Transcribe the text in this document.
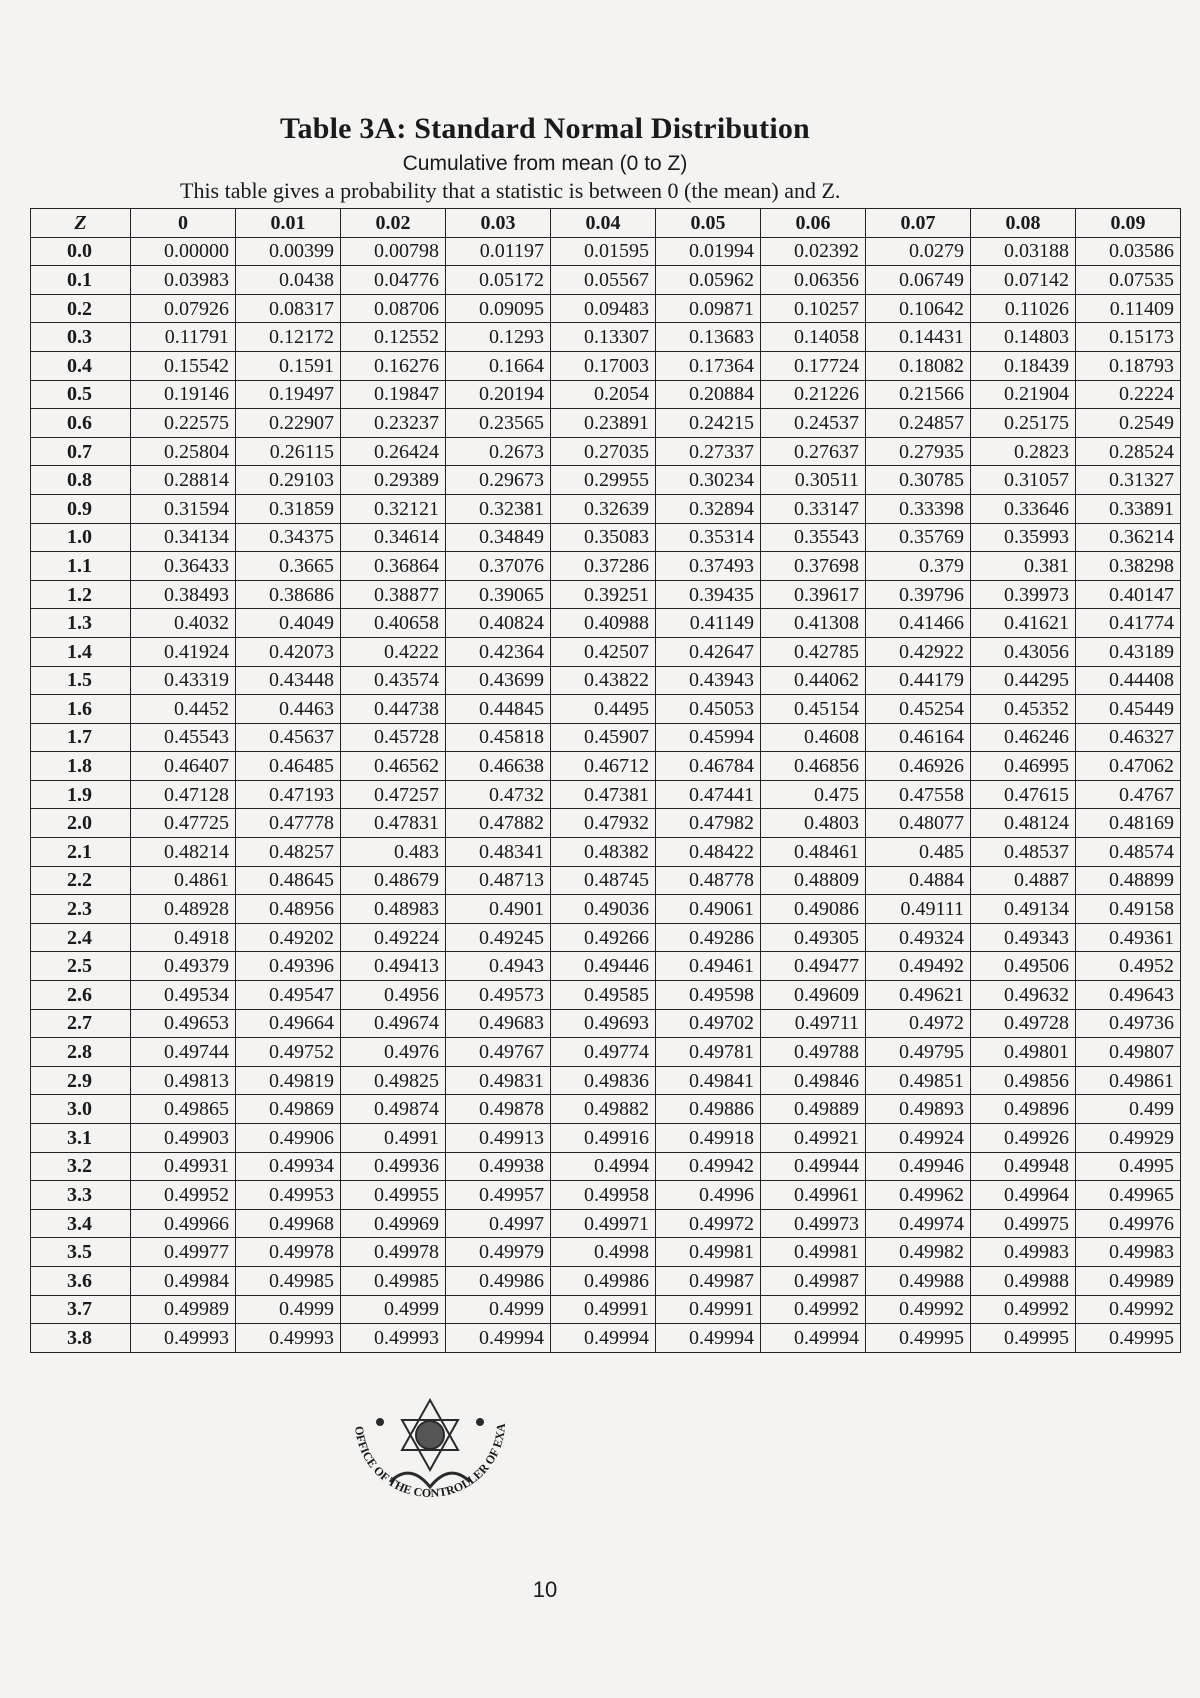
Table 3A: Standard Normal Distribution
Cumulative from mean (0 to Z)
This table gives a probability that a statistic is between 0 (the mean) and Z.
Z	0	0.01	0.02	0.03	0.04	0.05	0.06	0.07	0.08	0.09
0.0	0.00000	0.00399	0.00798	0.01197	0.01595	0.01994	0.02392	0.0279	0.03188	0.03586
0.1	0.03983	0.0438	0.04776	0.05172	0.05567	0.05962	0.06356	0.06749	0.07142	0.07535
0.2	0.07926	0.08317	0.08706	0.09095	0.09483	0.09871	0.10257	0.10642	0.11026	0.11409
0.3	0.11791	0.12172	0.12552	0.1293	0.13307	0.13683	0.14058	0.14431	0.14803	0.15173
0.4	0.15542	0.1591	0.16276	0.1664	0.17003	0.17364	0.17724	0.18082	0.18439	0.18793
0.5	0.19146	0.19497	0.19847	0.20194	0.2054	0.20884	0.21226	0.21566	0.21904	0.2224
0.6	0.22575	0.22907	0.23237	0.23565	0.23891	0.24215	0.24537	0.24857	0.25175	0.2549
0.7	0.25804	0.26115	0.26424	0.2673	0.27035	0.27337	0.27637	0.27935	0.2823	0.28524
0.8	0.28814	0.29103	0.29389	0.29673	0.29955	0.30234	0.30511	0.30785	0.31057	0.31327
0.9	0.31594	0.31859	0.32121	0.32381	0.32639	0.32894	0.33147	0.33398	0.33646	0.33891
1.0	0.34134	0.34375	0.34614	0.34849	0.35083	0.35314	0.35543	0.35769	0.35993	0.36214
1.1	0.36433	0.3665	0.36864	0.37076	0.37286	0.37493	0.37698	0.379	0.381	0.38298
1.2	0.38493	0.38686	0.38877	0.39065	0.39251	0.39435	0.39617	0.39796	0.39973	0.40147
1.3	0.4032	0.4049	0.40658	0.40824	0.40988	0.41149	0.41308	0.41466	0.41621	0.41774
1.4	0.41924	0.42073	0.4222	0.42364	0.42507	0.42647	0.42785	0.42922	0.43056	0.43189
1.5	0.43319	0.43448	0.43574	0.43699	0.43822	0.43943	0.44062	0.44179	0.44295	0.44408
1.6	0.4452	0.4463	0.44738	0.44845	0.4495	0.45053	0.45154	0.45254	0.45352	0.45449
1.7	0.45543	0.45637	0.45728	0.45818	0.45907	0.45994	0.4608	0.46164	0.46246	0.46327
1.8	0.46407	0.46485	0.46562	0.46638	0.46712	0.46784	0.46856	0.46926	0.46995	0.47062
1.9	0.47128	0.47193	0.47257	0.4732	0.47381	0.47441	0.475	0.47558	0.47615	0.4767
2.0	0.47725	0.47778	0.47831	0.47882	0.47932	0.47982	0.4803	0.48077	0.48124	0.48169
2.1	0.48214	0.48257	0.483	0.48341	0.48382	0.48422	0.48461	0.485	0.48537	0.48574
2.2	0.4861	0.48645	0.48679	0.48713	0.48745	0.48778	0.48809	0.4884	0.4887	0.48899
2.3	0.48928	0.48956	0.48983	0.4901	0.49036	0.49061	0.49086	0.49111	0.49134	0.49158
2.4	0.4918	0.49202	0.49224	0.49245	0.49266	0.49286	0.49305	0.49324	0.49343	0.49361
2.5	0.49379	0.49396	0.49413	0.4943	0.49446	0.49461	0.49477	0.49492	0.49506	0.4952
2.6	0.49534	0.49547	0.4956	0.49573	0.49585	0.49598	0.49609	0.49621	0.49632	0.49643
2.7	0.49653	0.49664	0.49674	0.49683	0.49693	0.49702	0.49711	0.4972	0.49728	0.49736
2.8	0.49744	0.49752	0.4976	0.49767	0.49774	0.49781	0.49788	0.49795	0.49801	0.49807
2.9	0.49813	0.49819	0.49825	0.49831	0.49836	0.49841	0.49846	0.49851	0.49856	0.49861
3.0	0.49865	0.49869	0.49874	0.49878	0.49882	0.49886	0.49889	0.49893	0.49896	0.499
3.1	0.49903	0.49906	0.4991	0.49913	0.49916	0.49918	0.49921	0.49924	0.49926	0.49929
3.2	0.49931	0.49934	0.49936	0.49938	0.4994	0.49942	0.49944	0.49946	0.49948	0.4995
3.3	0.49952	0.49953	0.49955	0.49957	0.49958	0.4996	0.49961	0.49962	0.49964	0.49965
3.4	0.49966	0.49968	0.49969	0.4997	0.49971	0.49972	0.49973	0.49974	0.49975	0.49976
3.5	0.49977	0.49978	0.49978	0.49979	0.4998	0.49981	0.49981	0.49982	0.49983	0.49983
3.6	0.49984	0.49985	0.49985	0.49986	0.49986	0.49987	0.49987	0.49988	0.49988	0.49989
3.7	0.49989	0.4999	0.4999	0.4999	0.49991	0.49991	0.49992	0.49992	0.49992	0.49992
3.8	0.49993	0.49993	0.49993	0.49994	0.49994	0.49994	0.49994	0.49995	0.49995	0.49995
OFFICE OF THE CONTROLLER OF EXA
10
